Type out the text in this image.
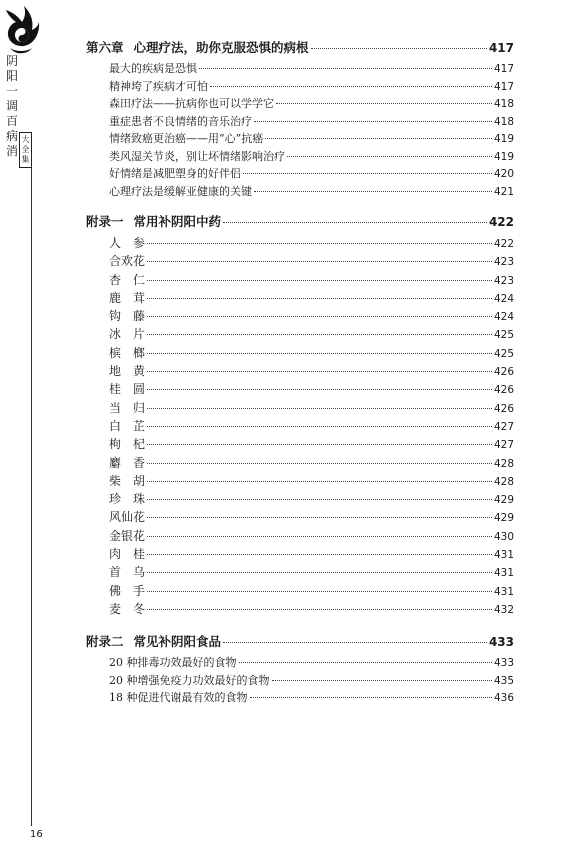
阴阳一调百病消
大全集
16
第六章 心理疗法，助你克服恐惧的病根	417
最大的疾病是恐惧	417
精神垮了疾病才可怕	417
森田疗法——抗病你也可以学学它	418
重症患者不良情绪的音乐治疗	418
情绪致癌更治癌——用“心”抗癌	419
类风湿关节炎，别让坏情绪影响治疗	419
好情绪是减肥塑身的好伴侣	420
心理疗法是缓解亚健康的关键	421
附录一 常用补阴阳中药	422
人参	422
合欢花	423
杏仁	423
鹿茸	424
钩藤	424
冰片	425
槟榔	425
地黄	426
桂圆	426
当归	426
白芷	427
枸杞	427
麝香	428
柴胡	428
珍珠	429
风仙花	429
金银花	430
肉桂	431
首乌	431
佛手	431
麦冬	432
附录二 常见补阴阳食品	433
20 种排毒功效最好的食物	433
20 种增强免疫力功效最好的食物	435
18 种促进代谢最有效的食物	436
